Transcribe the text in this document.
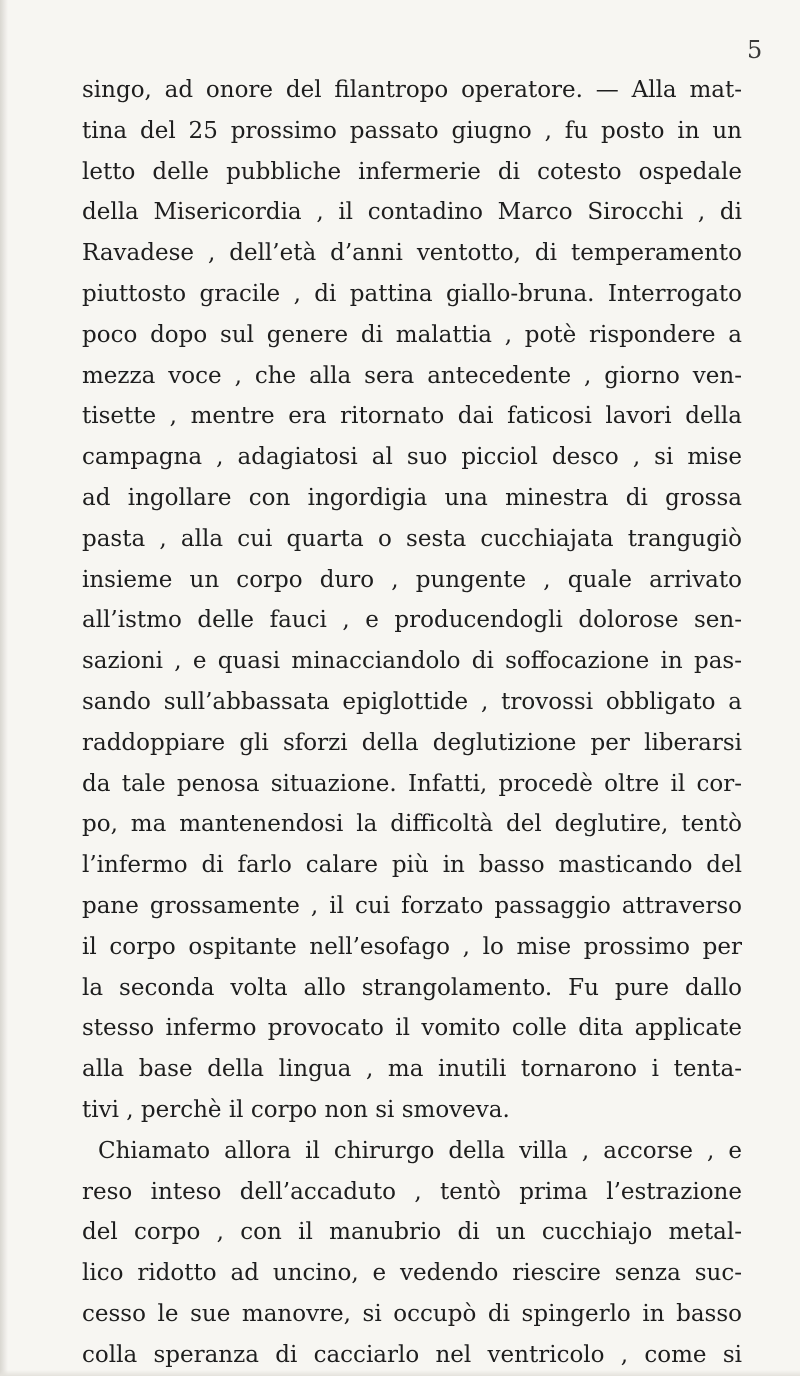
5
singo, ad onore del filantropo operatore. — Alla mat-
tina del 25 prossimo passato giugno , fu posto in un
letto delle pubbliche infermerie di cotesto ospedale
della Misericordia , il contadino Marco Sirocchi , di
Ravadese , dell’età d’anni ventotto, di temperamento
piuttosto gracile , di pattina giallo-bruna. Interrogato
poco dopo sul genere di malattia , potè rispondere a
mezza voce , che alla sera antecedente , giorno ven-
tisette , mentre era ritornato dai faticosi lavori della
campagna , adagiatosi al suo picciol desco , si mise
ad ingollare con ingordigia una minestra di grossa
pasta , alla cui quarta o sesta cucchiajata trangugiò
insieme un corpo duro , pungente , quale arrivato
all’istmo delle fauci , e producendogli dolorose sen-
sazioni , e quasi minacciandolo di soffocazione in pas-
sando sull’abbassata epiglottide , trovossi obbligato a
raddoppiare gli sforzi della deglutizione per liberarsi
da tale penosa situazione. Infatti, procedè oltre il cor-
po, ma mantenendosi la difficoltà del deglutire, tentò
l’infermo di farlo calare più in basso masticando del
pane grossamente , il cui forzato passaggio attraverso
il corpo ospitante nell’esofago , lo mise prossimo per
la seconda volta allo strangolamento. Fu pure dallo
stesso infermo provocato il vomito colle dita applicate
alla base della lingua , ma inutili tornarono i tenta-
tivi , perchè il corpo non si smoveva.
Chiamato allora il chirurgo della villa , accorse , e
reso inteso dell’accaduto , tentò prima l’estrazione
del corpo , con il manubrio di un cucchiajo metal-
lico ridotto ad uncino, e vedendo riescire senza suc-
cesso le sue manovre, si occupò di spingerlo in basso
colla speranza di cacciarlo nel ventricolo , come si
